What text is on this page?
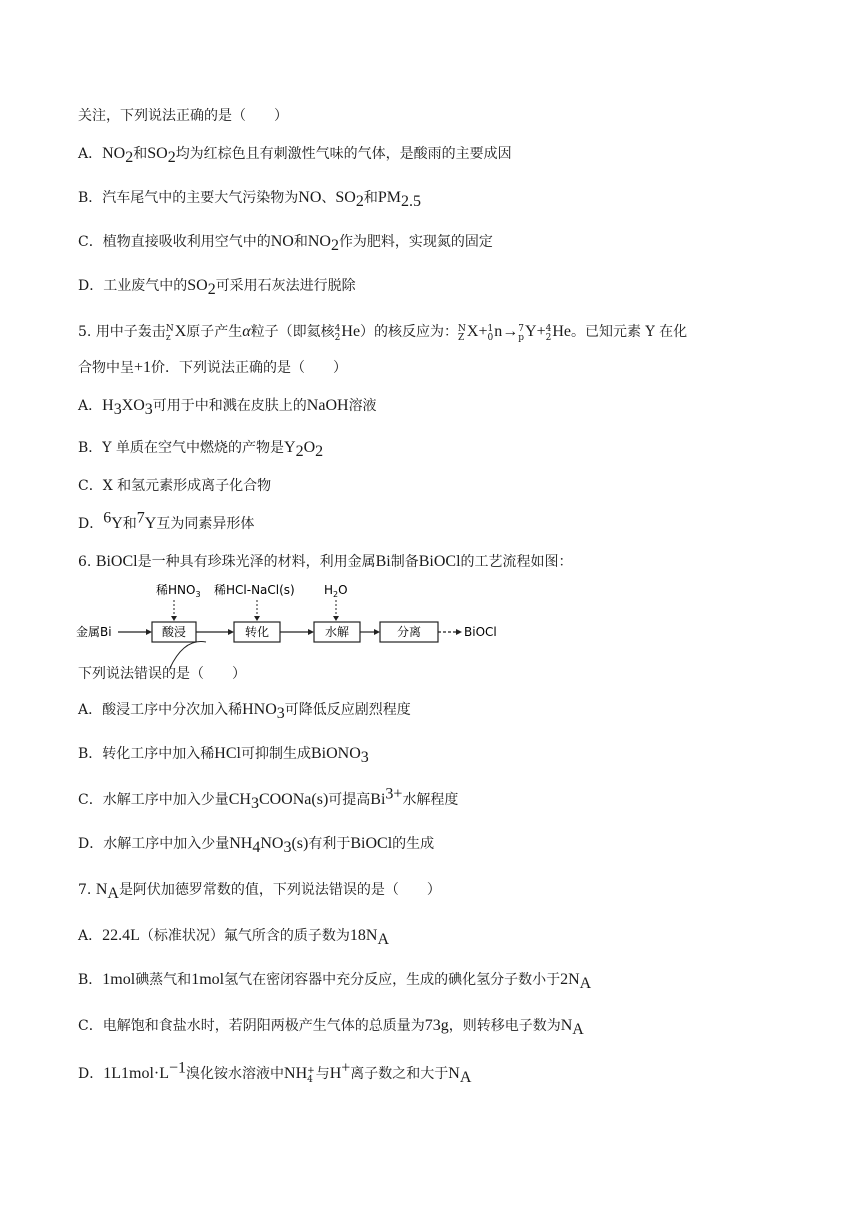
关注，下列说法正确的是（　　）
A．$NO_2$和$SO_2$均为红棕色且有刺激性气味的气体，是酸雨的主要成因
B．汽车尾气中的主要大气污染物为NO、$SO_2$和$PM_{2.5}$
C．植物直接吸收利用空气中的NO和$NO_2$作为肥料，实现氮的固定
D．工业废气中的$SO_2$可采用石灰法进行脱除
5. 用中子轰击 N
z X原子产生α粒子（即氦核 4
2 He）的核反应为： N
Z X+ 1
0 n→ 7
p Y+ 4
2 He。已知元素 Y 在化
合物中呈+1价．下列说法正确的是（　　）
A．$H_3XO_3$可用于中和溅在皮肤上的NaOH溶液
B．Y 单质在空气中燃烧的产物是$Y_2O_2$
C．X 和氢元素形成离子化合物
D．$^6$Y和$^7$Y互为同素异形体
6. BiOCl是一种具有珍珠光泽的材料，利用金属Bi制备BiOCl的工艺流程如图：
稀$HNO_3$ 稀HCl-NaCl(s) $H_2O$
金属Bi	酸浸	转化	水解	分离	BiOCl
下列说法错误的是（　　）
A．酸浸工序中分次加入稀$HNO_3$可降低反应剧烈程度
B．转化工序中加入稀HCl可抑制生成BiONO$_3$
C．水解工序中加入少量$CH_3COONa(s)$可提高$Bi^{3+}$水解程度
D．水解工序中加入少量$NH_4NO_3(s)$有利于BiOCl的生成
7. $N_A$是阿伏加德罗常数的值，下列说法错误的是（　　）
A．22.4L（标准状况）氟气所含的质子数为$18N_A$
B．1mol碘蒸气和1mol氢气在密闭容器中充分反应，生成的碘化氢分子数小于$2N_A$
C．电解饱和食盐水时，若阴阳两极产生气体的总质量为73g，则转移电子数为$N_A$
D．$1L1mol\cdot L^{-1}$溴化铵水溶液中NH +
4 与H+离子数之和大于$N_A$
